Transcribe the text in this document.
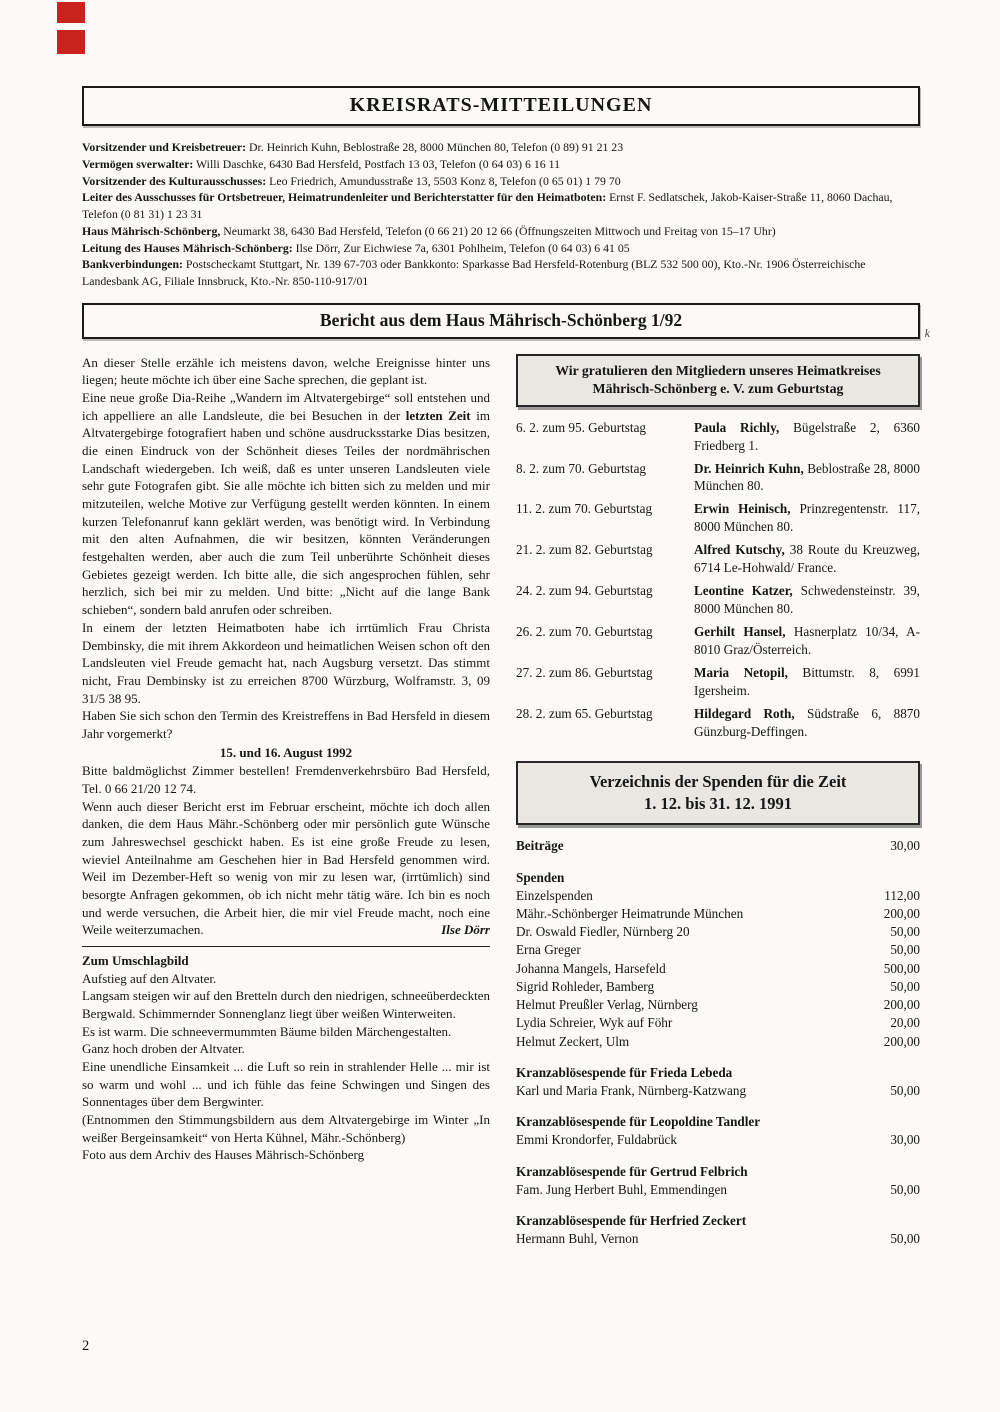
k
KREISRATS-MITTEILUNGEN
Vorsitzender und Kreisbetreuer: Dr. Heinrich Kuhn, Beblostraße 28, 8000 München 80, Telefon (0 89) 91 21 23
Vermögen sverwalter: Willi Daschke, 6430 Bad Hersfeld, Postfach 13 03, Telefon (0 64 03) 6 16 11
Vorsitzender des Kulturausschusses: Leo Friedrich, Amundusstraße 13, 5503 Konz 8, Telefon (0 65 01) 1 79 70
Leiter des Ausschusses für Ortsbetreuer, Heimatrundenleiter und Berichterstatter für den Heimatboten: Ernst F. Sedlatschek, Jakob-Kaiser-Straße 11, 8060 Dachau, Telefon (0 81 31) 1 23 31
Haus Mährisch-Schönberg, Neumarkt 38, 6430 Bad Hersfeld, Telefon (0 66 21) 20 12 66 (Öffnungszeiten Mittwoch und Freitag von 15–17 Uhr)
Leitung des Hauses Mährisch-Schönberg: Ilse Dörr, Zur Eichwiese 7a, 6301 Pohlheim, Telefon (0 64 03) 6 41 05
Bankverbindungen: Postscheckamt Stuttgart, Nr. 139 67-703 oder Bankkonto: Sparkasse Bad Hersfeld-Rotenburg (BLZ 532 500 00), Kto.-Nr. 1906 Österreichische Landesbank AG, Filiale Innsbruck, Kto.-Nr. 850-110-917/01
Bericht aus dem Haus Mährisch-Schönberg 1/92
An dieser Stelle erzähle ich meistens davon, welche Ereignisse hinter uns liegen; heute möchte ich über eine Sache sprechen, die geplant ist.
Eine neue große Dia-Reihe „Wandern im Altvatergebirge“ soll entstehen und ich appelliere an alle Landsleute, die bei Besuchen in der letzten Zeit im Altvatergebirge fotografiert haben und schöne ausdrucksstarke Dias besitzen, die einen Eindruck von der Schönheit dieses Teiles der nordmährischen Landschaft wiedergeben. Ich weiß, daß es unter unseren Landsleuten viele sehr gute Fotografen gibt. Sie alle möchte ich bitten sich zu melden und mir mitzuteilen, welche Motive zur Verfügung gestellt werden könnten. In einem kurzen Telefonanruf kann geklärt werden, was benötigt wird. In Verbindung mit den alten Aufnahmen, die wir besitzen, könnten Veränderungen festgehalten werden, aber auch die zum Teil unberührte Schönheit dieses Gebietes gezeigt werden. Ich bitte alle, die sich angesprochen fühlen, sehr herzlich, sich bei mir zu melden. Und bitte: „Nicht auf die lange Bank schieben“, sondern bald anrufen oder schreiben.
In einem der letzten Heimatboten habe ich irrtümlich Frau Christa Dembinsky, die mit ihrem Akkordeon und heimatlichen Weisen schon oft den Landsleuten viel Freude gemacht hat, nach Augsburg versetzt. Das stimmt nicht, Frau Dembinsky ist zu erreichen 8700 Würzburg, Wolframstr. 3, 09 31/5 38 95.
Haben Sie sich schon den Termin des Kreistreffens in Bad Hersfeld in diesem Jahr vorgemerkt?
15. und 16. August 1992
Bitte baldmöglichst Zimmer bestellen! Fremdenverkehrsbüro Bad Hersfeld, Tel. 0 66 21/20 12 74.
Wenn auch dieser Bericht erst im Februar erscheint, möchte ich doch allen danken, die dem Haus Mähr.-Schönberg oder mir persönlich gute Wünsche zum Jahreswechsel geschickt haben. Es ist eine große Freude zu lesen, wieviel Anteilnahme am Geschehen hier in Bad Hersfeld genommen wird. Weil im Dezember-Heft so wenig von mir zu lesen war, (irrtümlich) sind besorgte Anfragen gekommen, ob ich nicht mehr tätig wäre. Ich bin es noch und werde versuchen, die Arbeit hier, die mir viel Freude macht, noch eine Weile weiterzumachen.	Ilse Dörr
Zum Umschlagbild
Aufstieg auf den Altvater.
Langsam steigen wir auf den Bretteln durch den niedrigen, schneeüberdeckten Bergwald. Schimmernder Sonnenglanz liegt über weißen Winterweiten.
Es ist warm. Die schneevermummten Bäume bilden Märchengestalten.
Ganz hoch droben der Altvater.
Eine unendliche Einsamkeit ... die Luft so rein in strahlender Helle ... mir ist so warm und wohl ... und ich fühle das feine Schwingen und Singen des Sonnentages über dem Bergwinter.
(Entnommen den Stimmungsbildern aus dem Altvatergebirge im Winter „In weißer Bergeinsamkeit“ von Herta Kühnel, Mähr.-Schönberg)
Foto aus dem Archiv des Hauses Mährisch-Schönberg
Wir gratulieren den Mitgliedern unseres Heimatkreises
Mährisch-Schönberg e. V. zum Geburtstag
6. 2. zum 95. Geburtstag	Paula Richly, Bügelstraße 2, 6360 Friedberg 1.
8. 2. zum 70. Geburtstag	Dr. Heinrich Kuhn, Beblostraße 28, 8000 München 80.
11. 2. zum 70. Geburtstag	Erwin Heinisch, Prinzregentenstr. 117, 8000 München 80.
21. 2. zum 82. Geburtstag	Alfred Kutschy, 38 Route du Kreuzweg, 6714 Le-Hohwald/ France.
24. 2. zum 94. Geburtstag	Leontine Katzer, Schwedensteinstr. 39, 8000 München 80.
26. 2. zum 70. Geburtstag	Gerhilt Hansel, Hasnerplatz 10/34, A-8010 Graz/Österreich.
27. 2. zum 86. Geburtstag	Maria Netopil, Bittumstr. 8, 6991 Igersheim.
28. 2. zum 65. Geburtstag	Hildegard Roth, Südstraße 6, 8870 Günzburg-Deffingen.
Verzeichnis der Spenden für die Zeit
1. 12. bis 31. 12. 1991
Beiträge	30,00
Spenden
Einzelspenden	112,00
Mähr.-Schönberger Heimatrunde München	200,00
Dr. Oswald Fiedler, Nürnberg 20	50,00
Erna Greger	50,00
Johanna Mangels, Harsefeld	500,00
Sigrid Rohleder, Bamberg	50,00
Helmut Preußler Verlag, Nürnberg	200,00
Lydia Schreier, Wyk auf Föhr	20,00
Helmut Zeckert, Ulm	200,00
Kranzablösespende für Frieda Lebeda
Karl und Maria Frank, Nürnberg-Katzwang	50,00
Kranzablösespende für Leopoldine Tandler
Emmi Krondorfer, Fuldabrück	30,00
Kranzablösespende für Gertrud Felbrich
Fam. Jung Herbert Buhl, Emmendingen	50,00
Kranzablösespende für Herfried Zeckert
Hermann Buhl, Vernon	50,00
2
